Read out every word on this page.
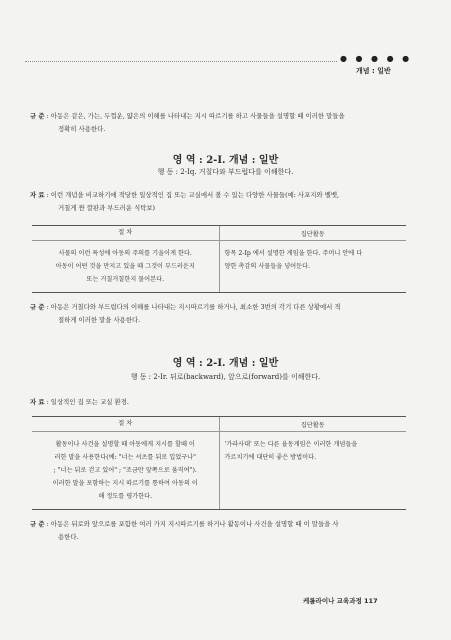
● ● ● ● ●
개념 : 일반
규 준 : 아동은 같은, 가는, 두껍운, 얇은의 이해를 나타내는 지시 따르기를 하고 사물들을 설명할 때 이러한 말들을
정확히 사용한다.
영 역 : 2-Ⅰ. 개념 : 일반
행 동 : 2-Ⅰq. 거칠다와 부드럽다를 이해한다.
자 료 : 이런 개념을 비교하기에 적당한 일상적인 집 또는 교실에서 볼 수 있는 다양한 사물들(예: 사포지와 벨벳,
거칠게 짠 깔판과 부드러운 식탁보)
절 차	집단활동
사물의 이런 특성에 아동의 주의를 기울이게 한다.
아동이 어떤 것을 만지고 있을 때 그것이 부드러운지
또는 거칠거칠한지 물어본다.
항목 2-Ⅰp 에서 설명한 게임을 한다. 주머니 안에 다
양한 촉감의 사물들을 넣어둔다.
규 준 : 아동은 거칠다와 부드럽다의 이해를 나타내는 지시따르기를 하거나, 최소한 3번의 각기 다른 상황에서 적
절하게 이러한 말을 사용한다.
영 역 : 2-Ⅰ. 개념 : 일반
행 동 : 2-Ⅰr. 뒤로(backward), 앞으로(forward)를 이해한다.
자 료 : 일상적인 집 또는 교실 환경.
절 차	집단활동
활동이나 사건을 설명할 때 아동에게 지시를 할때 이
러한 말을 사용한다(예: "너는 셔츠를 뒤로 입었구나"
; "너는 뒤로 걷고 있어" ; "조금만 앞쪽으로 움직여").
이러한 말을 포함하는 지시 따르기를 통하여 아동의 이
해 정도를 평가한다.
'가라사대' 또는 다른 율동게임은 이러한 개념들을
가르치기에 대단히 좋은 방법이다.
규 준 : 아동은 뒤로와 앞으로를 포함한 여러 가지 지시따르기를 하거나 활동이나 사건을 설명할 때 이 말들을 사
용한다.
케롤라이나 교육과정 117
